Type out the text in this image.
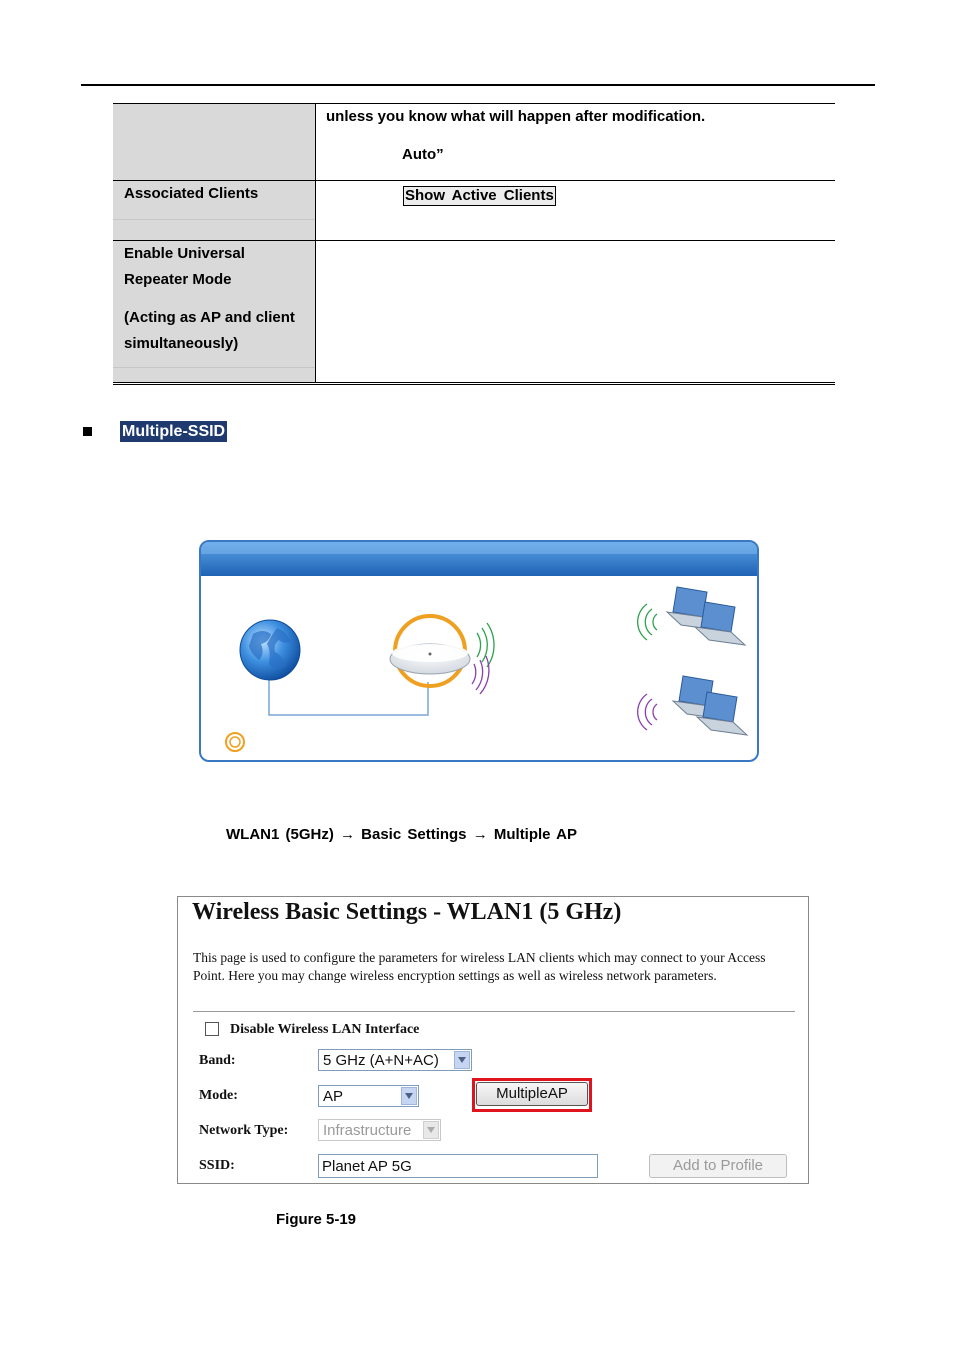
unless you know what will happen after modification.
Auto”
Associated Clients	Show Active Clients
Enable Universal
Repeater Mode
(Acting as AP and client
simultaneously)
Multiple-SSID
WLAN1 (5GHz) → Basic Settings → Multiple AP
Wireless Basic Settings - WLAN1 (5 GHz)
This page is used to configure the parameters for wireless LAN clients which may connect to your Access Point. Here you may change wireless encryption settings as well as wireless network parameters.
Disable Wireless LAN Interface
Band:	5 GHz (A+N+AC)
Mode:	AP	MultipleAP
Network Type:	Infrastructure
SSID:	Planet AP 5G	Add to Profile
Figure 5-19
